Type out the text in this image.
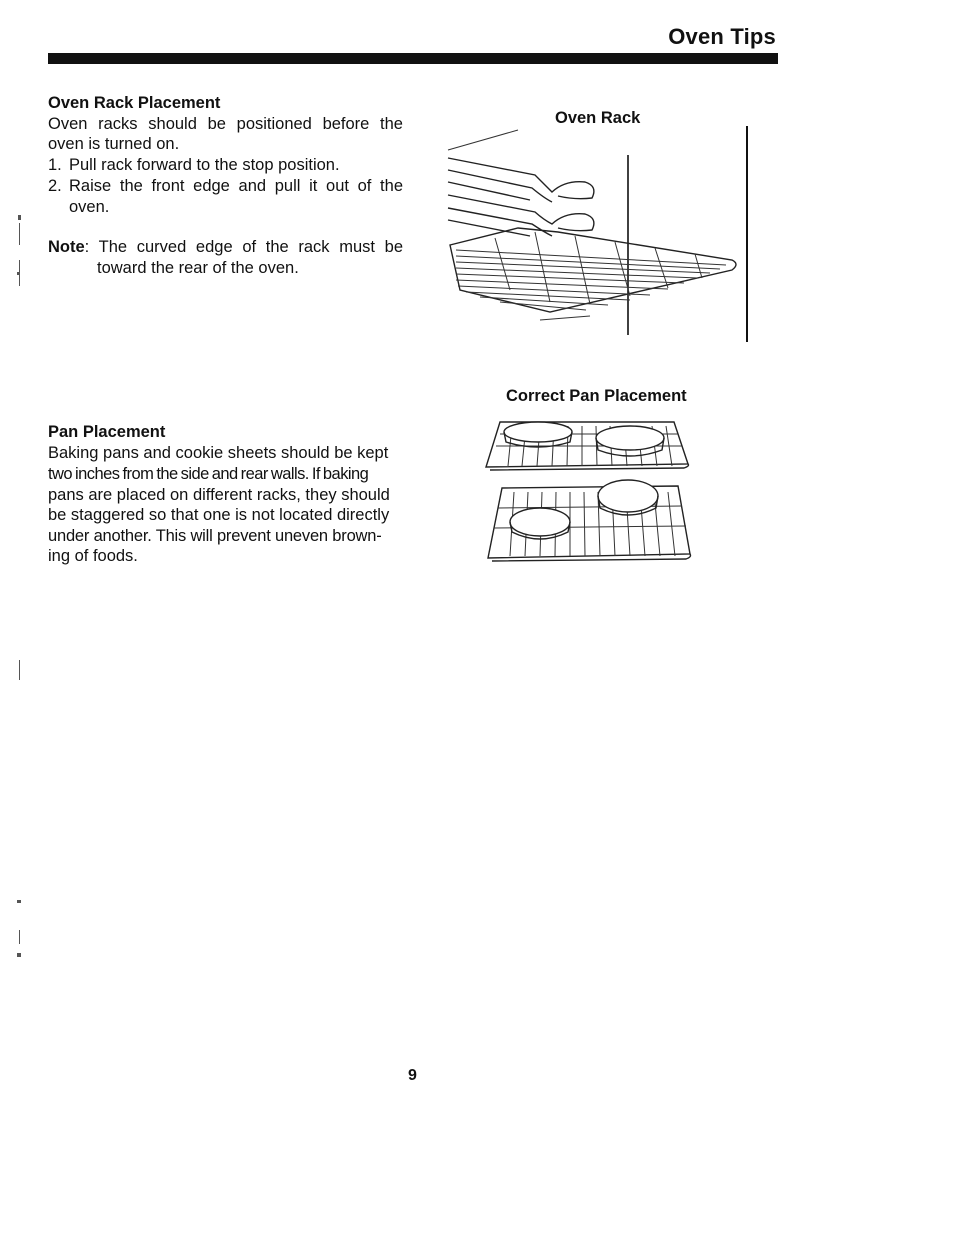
Oven Tips
Oven Rack Placement
Oven racks should be positioned before the
oven is turned on.
1. Pull rack forward to the stop position.
2. Raise the front edge and pull it out of the
oven.
Note : The curved edge of the rack must be
toward the rear of the oven.
Oven Rack
Pan Placement
Baking pans and cookie sheets should be kept
two inches from the side and rear walls. If baking
pans are placed on different racks, they should
be staggered so that one is not located directly
under another. This will prevent uneven brown-
ing of foods.
Correct Pan Placement
9
